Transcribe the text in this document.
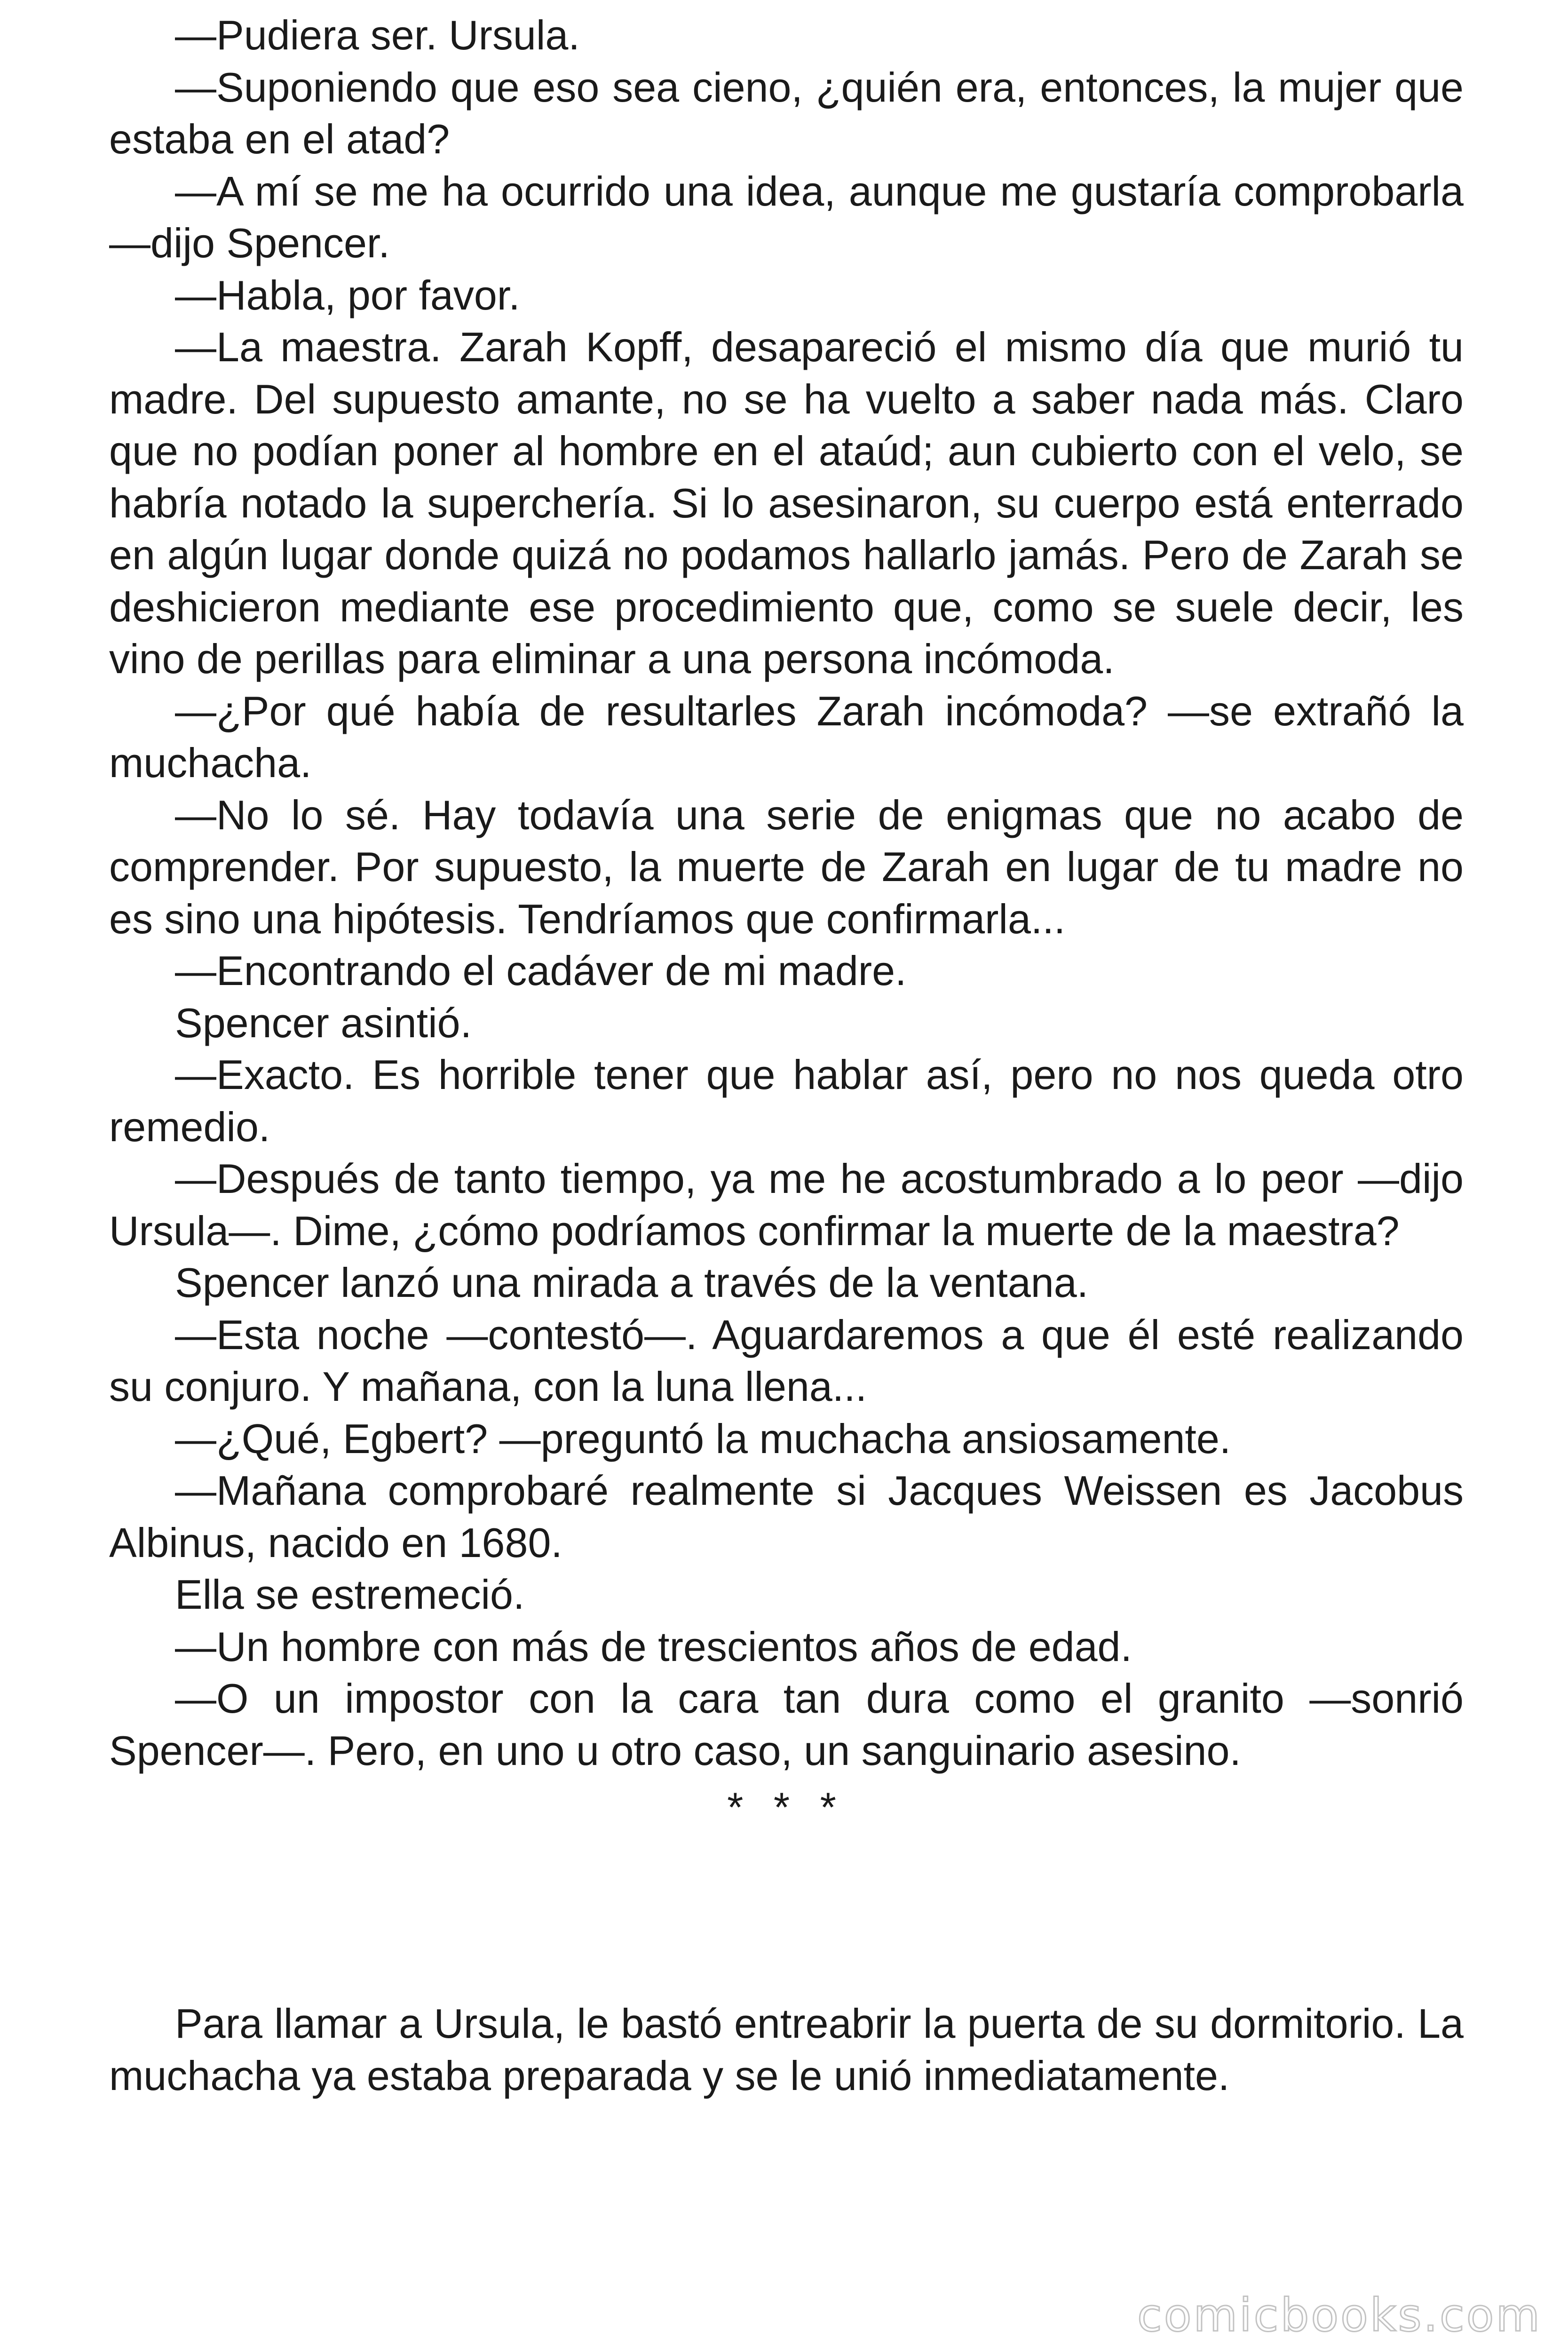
—Pudiera ser. Ursula.

—Suponiendo que eso sea cieno, ¿quién era, entonces, la mujer que estaba en el atad?

—A mí se me ha ocurrido una idea, aunque me gustaría comprobarla —dijo Spencer.

—Habla, por favor.

—La maestra. Zarah Kopff, desapareció el mismo día que murió tu madre. Del supuesto amante, no se ha vuelto a saber nada más. Claro que no podían poner al hombre en el ataúd; aun cubierto con el velo, se habría notado la superchería. Si lo asesinaron, su cuerpo está enterrado en algún lugar donde quizá no podamos hallarlo jamás. Pero de Zarah se deshicieron mediante ese procedimiento que, como se suele decir, les vino de perillas para eliminar a una persona incómoda.

—¿Por qué había de resultarles Zarah incómoda? —se extrañó la muchacha.

—No lo sé. Hay todavía una serie de enigmas que no acabo de comprender. Por supuesto, la muerte de Zarah en lugar de tu madre no es sino una hipótesis. Tendríamos que confirmarla...

—Encontrando el cadáver de mi madre.

Spencer asintió.

—Exacto. Es horrible tener que hablar así, pero no nos queda otro remedio.

—Después de tanto tiempo, ya me he acostumbrado a lo peor —dijo Ursula—. Dime, ¿cómo podríamos confirmar la muerte de la maestra?

Spencer lanzó una mirada a través de la ventana.

—Esta noche —contestó—. Aguardaremos a que él esté realizando su conjuro. Y mañana, con la luna llena...

—¿Qué, Egbert? —preguntó la muchacha ansiosamente.

—Mañana comprobaré realmente si Jacques Weissen es Jacobus Albinus, nacido en 1680.

Ella se estremeció.

—Un hombre con más de trescientos años de edad.

—O un impostor con la cara tan dura como el granito —sonrió Spencer—. Pero, en uno u otro caso, un sanguinario asesino.

* * *

Para llamar a Ursula, le bastó entreabrir la puerta de su dormitorio. La muchacha ya estaba preparada y se le unió inmediatamente.

comicbooks.com
